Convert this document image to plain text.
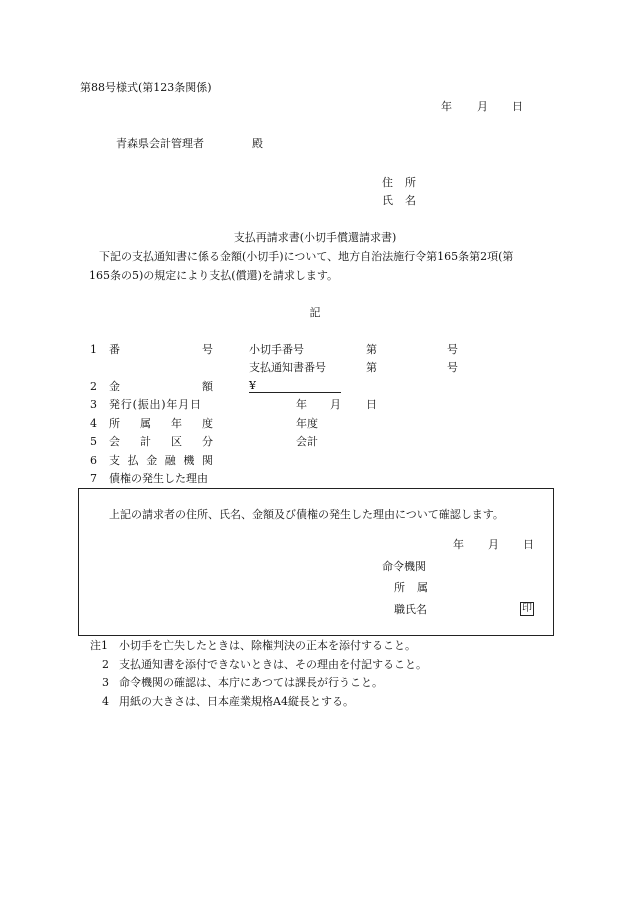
第88号様式(第123条関係)
年 月 日
青森県会計管理者	殿
住 所
氏 名
支払再請求書(小切手償還請求書)
下記の支払通知書に係る金額(小切手)について、地方自治法施行令第165条第2項(第
165条の5)の規定により支払(償還)を請求します。
記
1 番	号	小切手番号	第	号
支払通知書番号	第	号
2 金	額	¥
3 発行(振出)年月日	年 月 日
4 所 属 年 度	年度
5 会 計 区 分	会計
6 支 払 金 融 機 関
7 債権の発生した理由
上記の請求者の住所、氏名、金額及び債権の発生した理由について確認します。
年 月 日
命令機関
所 属
職氏名	印
注1 小切手を亡失したときは、除権判決の正本を添付すること。
2 支払通知書を添付できないときは、その理由を付記すること。
3 命令機関の確認は、本庁にあつては課長が行うこと。
4 用紙の大きさは、日本産業規格A4縦長とする。
